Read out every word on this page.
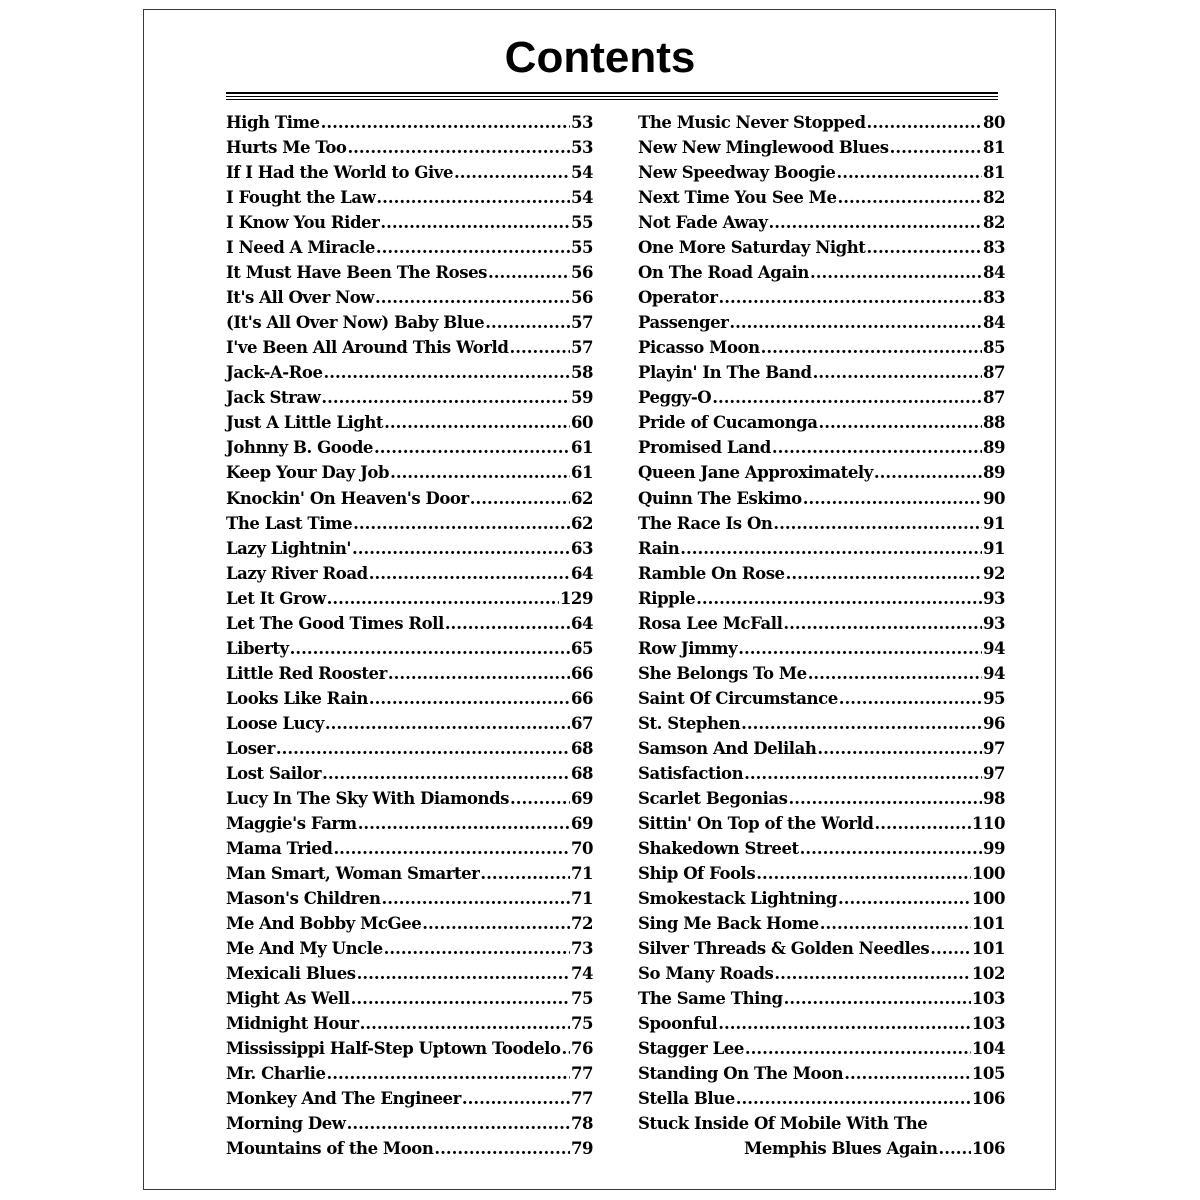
Contents
High Time .....	53
Hurts Me Too .....	53
If I Had the World to Give .....	54
I Fought the Law .....	54
I Know You Rider .....	55
I Need A Miracle .....	55
It Must Have Been The Roses .....	56
It's All Over Now .....	56
(It's All Over Now) Baby Blue .....	57
I've Been All Around This World .....	57
Jack-A-Roe .....	58
Jack Straw .....	59
Just A Little Light .....	60
Johnny B. Goode .....	61
Keep Your Day Job .....	61
Knockin' On Heaven's Door .....	62
The Last Time .....	62
Lazy Lightnin' .....	63
Lazy River Road .....	64
Let It Grow .....	129
Let The Good Times Roll .....	64
Liberty .....	65
Little Red Rooster .....	66
Looks Like Rain .....	66
Loose Lucy .....	67
Loser .....	68
Lost Sailor .....	68
Lucy In The Sky With Diamonds .....	69
Maggie's Farm .....	69
Mama Tried .....	70
Man Smart, Woman Smarter .....	71
Mason's Children .....	71
Me And Bobby McGee .....	72
Me And My Uncle .....	73
Mexicali Blues .....	74
Might As Well .....	75
Midnight Hour .....	75
Mississippi Half-Step Uptown Toodelo ..... 76
Mr. Charlie .....	77
Monkey And The Engineer .....	77
Morning Dew .....	78
Mountains of the Moon .....	79
The Music Never Stopped .....	80
New New Minglewood Blues .....	81
New Speedway Boogie .....	81
Next Time You See Me .....	82
Not Fade Away .....	82
One More Saturday Night .....	83
On The Road Again .....	84
Operator .....	83
Passenger .....	84
Picasso Moon .....	85
Playin' In The Band .....	87
Peggy-O .....	87
Pride of Cucamonga .....	88
Promised Land .....	89
Queen Jane Approximately .....	89
Quinn The Eskimo .....	90
The Race Is On .....	91
Rain .....	91
Ramble On Rose .....	92
Ripple .....	93
Rosa Lee McFall .....	93
Row Jimmy .....	94
She Belongs To Me .....	94
Saint Of Circumstance .....	95
St. Stephen .....	96
Samson And Delilah .....	97
Satisfaction .....	97
Scarlet Begonias .....	98
Sittin' On Top of the World .....	110
Shakedown Street .....	99
Ship Of Fools .....	100
Smokestack Lightning .....	100
Sing Me Back Home .....	101
Silver Threads & Golden Needles .....	101
So Many Roads .....	102
The Same Thing .....	103
Spoonful .....	103
Stagger Lee .....	104
Standing On The Moon .....	105
Stella Blue .....	106
Stuck Inside Of Mobile With The
Memphis Blues Again ..... 106
